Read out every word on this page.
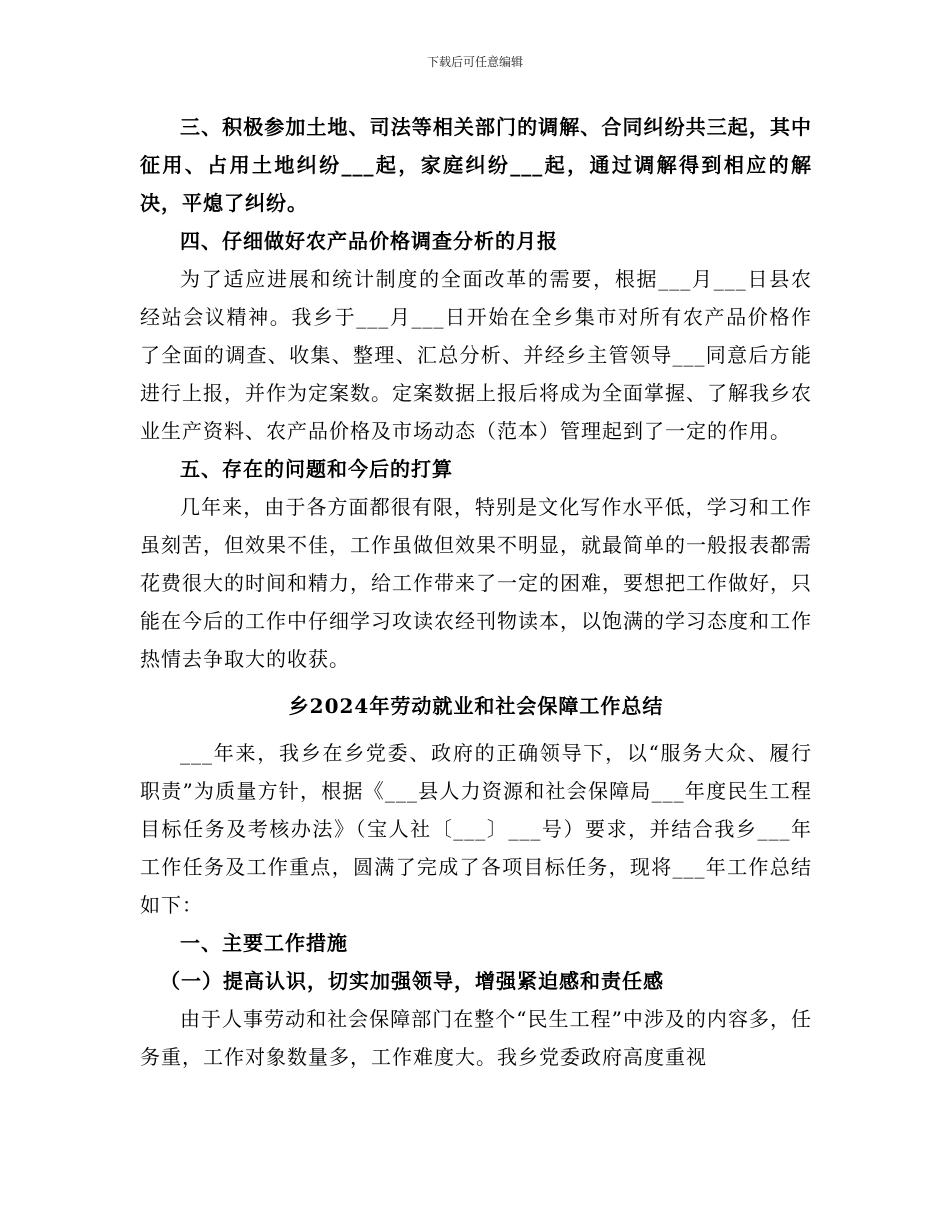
下载后可任意编辑

三、积极参加土地、司法等相关部门的调解、合同纠纷共三起，其中征用、占用土地纠纷___起，家庭纠纷___起，通过调解得到相应的解决，平熄了纠纷。

四、仔细做好农产品价格调查分析的月报

为了适应进展和统计制度的全面改革的需要，根据___月___日县农经站会议精神。我乡于___月___日开始在全乡集市对所有农产品价格作了全面的调查、收集、整理、汇总分析、并经乡主管领导___同意后方能进行上报，并作为定案数。定案数据上报后将成为全面掌握、了解我乡农业生产资料、农产品价格及市场动态（范本）管理起到了一定的作用。

五、存在的问题和今后的打算

几年来，由于各方面都很有限，特别是文化写作水平低，学习和工作虽刻苦，但效果不佳，工作虽做但效果不明显，就最简单的一般报表都需花费很大的时间和精力，给工作带来了一定的困难，要想把工作做好，只能在今后的工作中仔细学习攻读农经刊物读本，以饱满的学习态度和工作热情去争取大的收获。

乡2024年劳动就业和社会保障工作总结

___年来，我乡在乡党委、政府的正确领导下，以“服务大众、履行职责”为质量方针，根据《___县人力资源和社会保障局___年度民生工程目标任务及考核办法》（宝人社〔___〕___号）要求，并结合我乡___年工作任务及工作重点，圆满了完成了各项目标任务，现将___年工作总结如下：

一、主要工作措施

（一）提高认识，切实加强领导，增强紧迫感和责任感

由于人事劳动和社会保障部门在整个“民生工程”中涉及的内容多，任务重，工作对象数量多，工作难度大。我乡党委政府高度重视
